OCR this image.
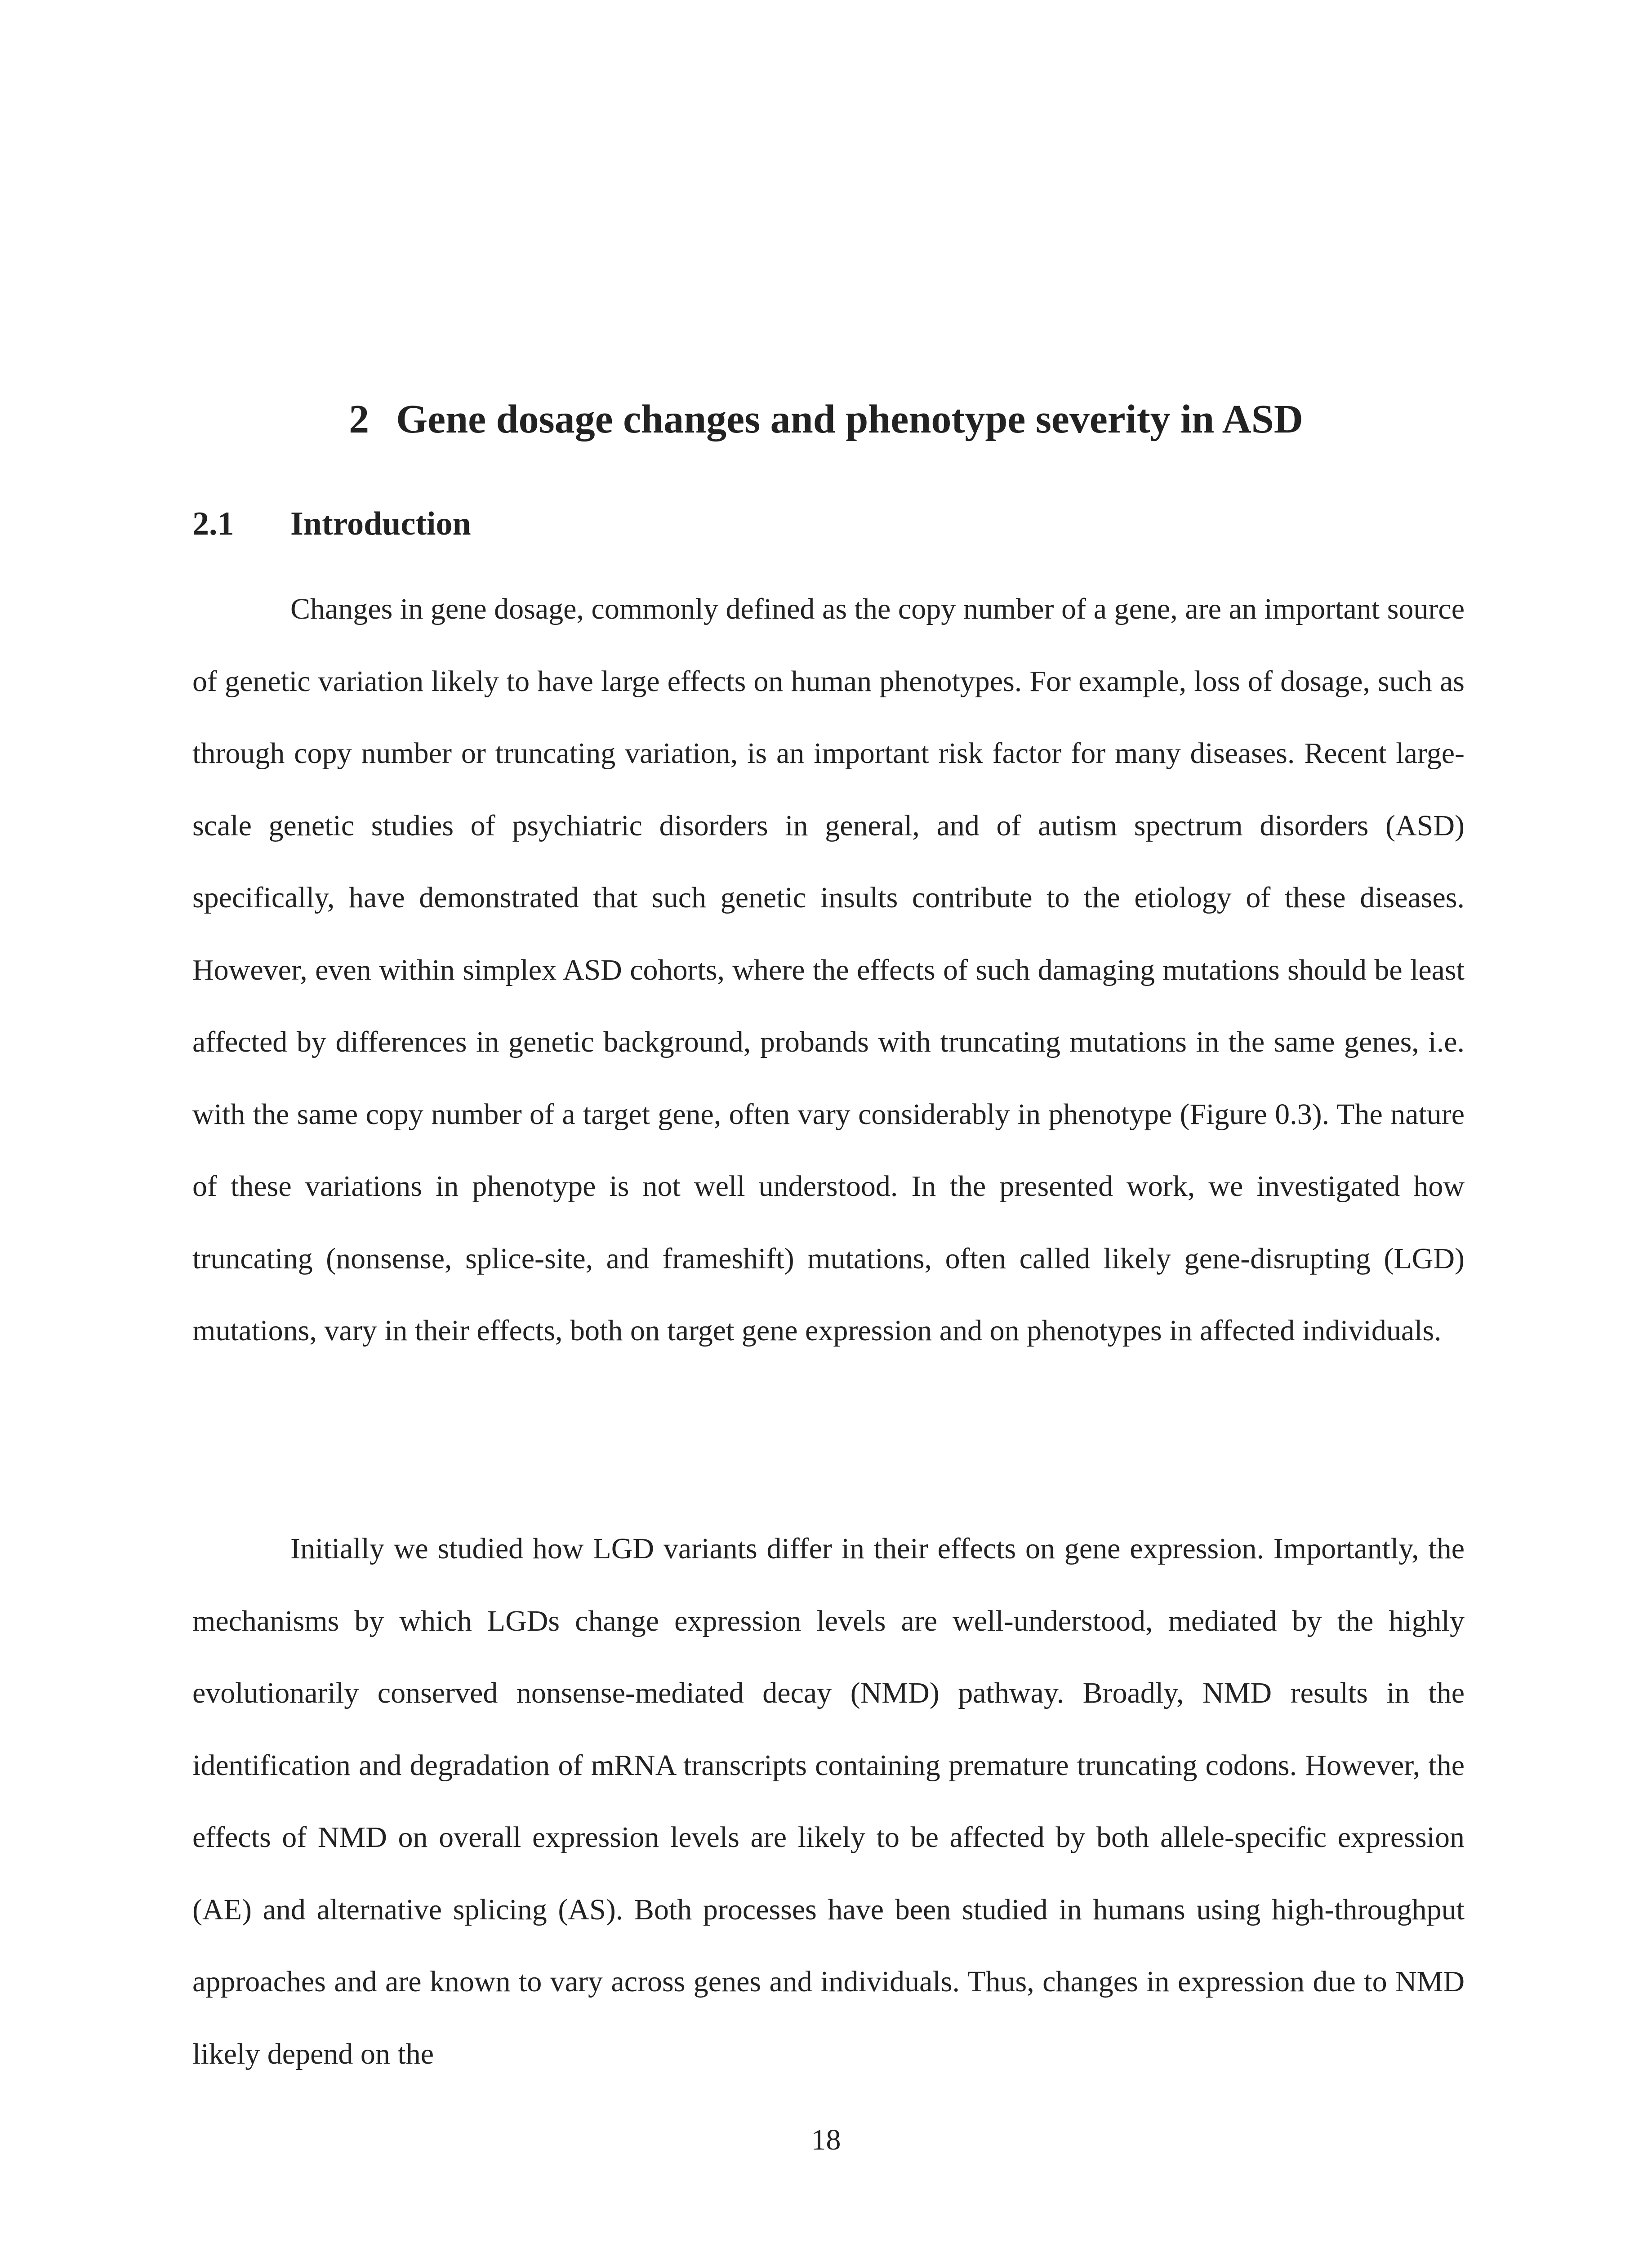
2 Gene dosage changes and phenotype severity in ASD
2.1 Introduction

Changes in gene dosage, commonly defined as the copy number of a gene, are an important source of genetic variation likely to have large effects on human phenotypes. For example, loss of dosage, such as through copy number or truncating variation, is an important risk factor for many diseases. Recent large-scale genetic studies of psychiatric disorders in general, and of autism spectrum disorders (ASD) specifically, have demonstrated that such genetic insults contribute to the etiology of these diseases. However, even within simplex ASD cohorts, where the effects of such damaging mutations should be least affected by differences in genetic background, probands with truncating mutations in the same genes, i.e. with the same copy number of a target gene, often vary considerably in phenotype (Figure 0.3). The nature of these variations in phenotype is not well understood. In the presented work, we investigated how truncating (nonsense, splice-site, and frameshift) mutations, often called likely gene-disrupting (LGD) mutations, vary in their effects, both on target gene expression and on phenotypes in affected individuals.

Initially we studied how LGD variants differ in their effects on gene expression. Importantly, the mechanisms by which LGDs change expression levels are well-understood, mediated by the highly evolutionarily conserved nonsense-mediated decay (NMD) pathway. Broadly, NMD results in the identification and degradation of mRNA transcripts containing premature truncating codons. However, the effects of NMD on overall expression levels are likely to be affected by both allele-specific expression (AE) and alternative splicing (AS). Both processes have been studied in humans using high-throughput approaches and are known to vary across genes and individuals. Thus, changes in expression due to NMD likely depend on the

18
